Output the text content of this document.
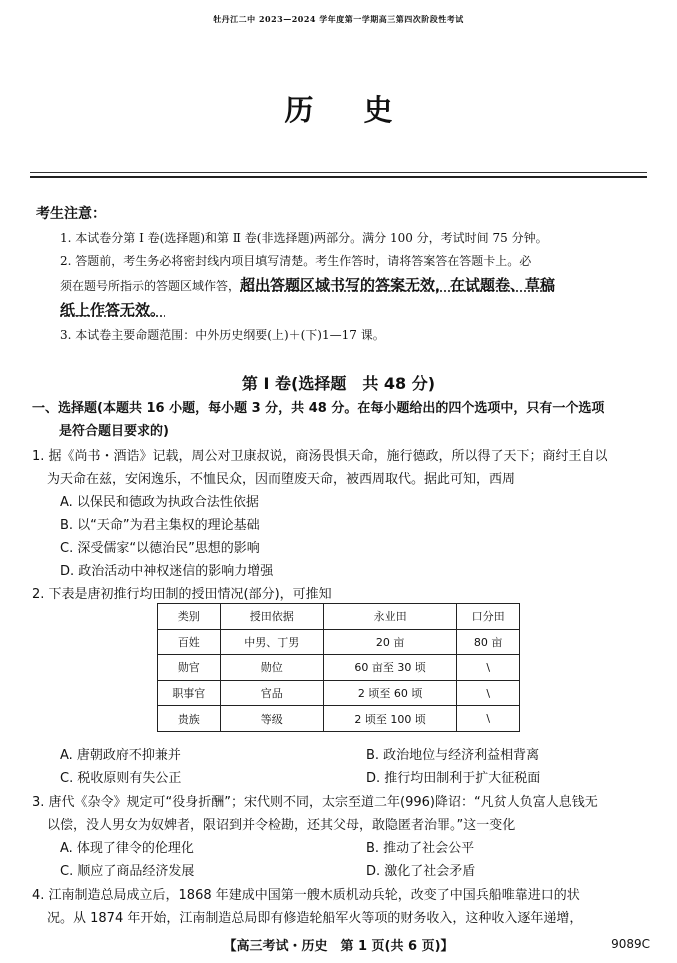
牡丹江二中 2023—2024 学年度第一学期高三第四次阶段性考试
历史
考生注意：
1. 本试卷分第 Ⅰ 卷(选择题)和第 Ⅱ 卷(非选择题)两部分。满分 100 分，考试时间 75 分钟。
2. 答题前，考生务必将密封线内项目填写清楚。考生作答时，请将答案答在答题卡上。必
须在题号所指示的答题区域作答，超出答题区域书写的答案无效，在试题卷、草稿
纸上作答无效。
3. 本试卷主要命题范围：中外历史纲要(上)＋(下)1—17 课。
第 Ⅰ 卷(选择题　共 48 分)
一、选择题(本题共 16 小题，每小题 3 分，共 48 分。在每小题给出的四个选项中，只有一个选项
是符合题目要求的)
1. 据《尚书・酒诰》记载，周公对卫康叔说，商汤畏惧天命，施行德政，所以得了天下；商纣王自以
为天命在兹，安闲逸乐，不恤民众，因而堕废天命，被西周取代。据此可知，西周
A. 以保民和德政为执政合法性依据
B. 以“天命”为君主集权的理论基础
C. 深受儒家“以德治民”思想的影响
D. 政治活动中神权迷信的影响力增强
2. 下表是唐初推行均田制的授田情况(部分)，可推知
类别	授田依据	永业田	口分田
百姓	中男、丁男	20 亩	80 亩
勋官	勋位	60 亩至 30 顷	\
职事官	官品	2 顷至 60 顷	\
贵族	等级	2 顷至 100 顷	\
A. 唐朝政府不抑兼并	B. 政治地位与经济利益相背离
C. 税收原则有失公正	D. 推行均田制利于扩大征税面
3. 唐代《杂令》规定可“役身折酬”；宋代则不同，太宗至道二年(996)降诏：“凡贫人负富人息钱无
以偿，没人男女为奴婢者，限诏到并令检勘，还其父母，敢隐匿者治罪。”这一变化
A. 体现了律令的伦理化	B. 推动了社会公平
C. 顺应了商品经济发展	D. 激化了社会矛盾
4. 江南制造总局成立后，1868 年建成中国第一艘木质机动兵轮，改变了中国兵船唯靠进口的状
况。从 1874 年开始，江南制造总局即有修造轮船军火等项的财务收入，这种收入逐年递增，
【高三考试・历史　第 1 页(共 6 页)】	9089C
